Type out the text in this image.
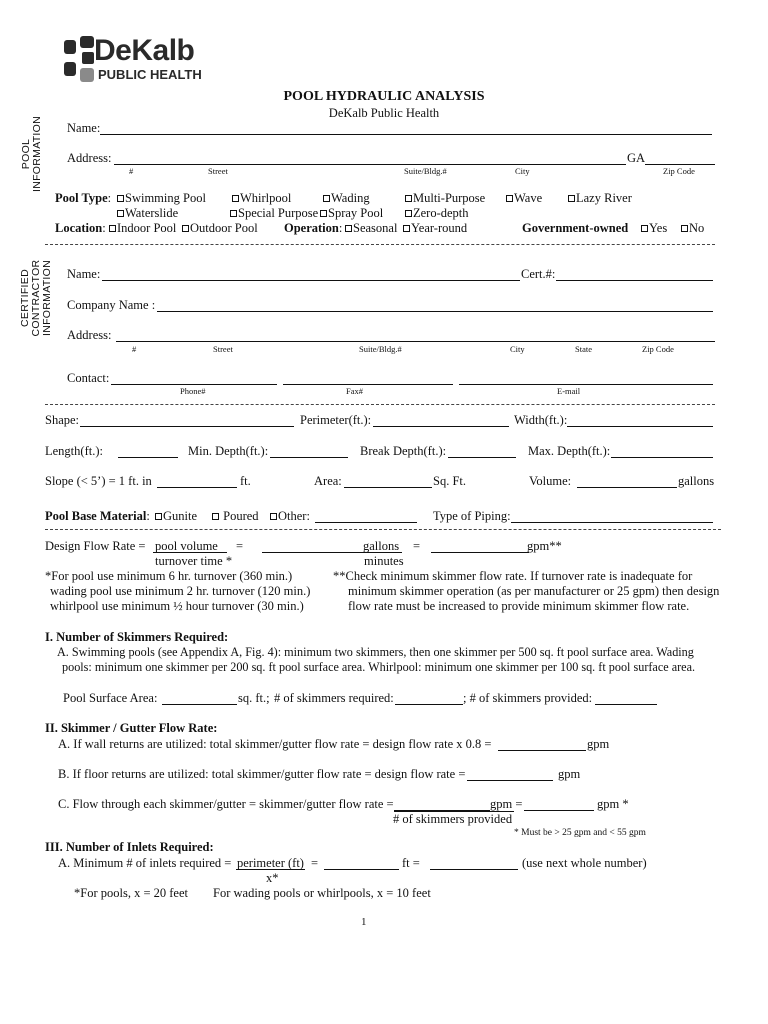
DeKalb
PUBLIC HEALTH
POOL HYDRAULIC ANALYSIS
DeKalb Public Health
POOL INFORMATION
CERTIFIED CONTRACTOR INFORMATION
Name:
Address:	GA
#	Street	Suite/Bldg.#	City	Zip Code
Pool Type:	Swimming Pool	Whirlpool	Wading	Multi-Purpose	Wave	Lazy River
Waterslide	Special Purpose Spray Pool	Zero-depth
Location: Indoor Pool	Outdoor Pool Operation: Seasonal	Year-round	Government-owned	Yes	No
Name:	Cert.#:
Company Name :
Address:
#	Street	Suite/Bldg.#	City	State	Zip Code
Contact:
Phone#	Fax#	E-mail
Shape:	Perimeter(ft.):	Width(ft.):
Length(ft.):	Min. Depth(ft.):	Break Depth(ft.):	Max. Depth(ft.):
Slope (< 5’) = 1 ft. in	ft.	Area:	Sq. Ft.	Volume:	gallons
Pool Base Material:	Gunite	Poured	Other:	Type of Piping:
Design Flow Rate = pool volume
turnover time *
=	gallons
minutes
=	gpm**
*For pool use minimum 6 hr. turnover (360 min.)
wading pool use minimum 2 hr. turnover (120 min.)
whirlpool use minimum ½ hour turnover (30 min.)
**Check minimum skimmer flow rate. If turnover rate is inadequate for
minimum skimmer operation (as per manufacturer or 25 gpm) then design
flow rate must be increased to provide minimum skimmer flow rate.
I. Number of Skimmers Required:
A. Swimming pools (see Appendix A, Fig. 4): minimum two skimmers, then one skimmer per 500 sq. ft pool surface area. Wading
pools: minimum one skimmer per 200 sq. ft pool surface area. Whirlpool: minimum one skimmer per 100 sq. ft pool surface area.
Pool Surface Area:	sq. ft.; # of skimmers required:	; # of skimmers provided:
II. Skimmer / Gutter Flow Rate:
A. If wall returns are utilized: total skimmer/gutter flow rate = design flow rate x 0.8 =	gpm
B. If floor returns are utilized: total skimmer/gutter flow rate = design flow rate =	gpm
C. Flow through each skimmer/gutter = skimmer/gutter flow rate =	gpm =	gpm *
# of skimmers provided
* Must be > 25 gpm and < 55 gpm
III. Number of Inlets Required:
A. Minimum # of inlets required = perimeter (ft)
x*
=	ft =	(use next whole number)
*For pools, x = 20 feet For wading pools or whirlpools, x = 10 feet
1
